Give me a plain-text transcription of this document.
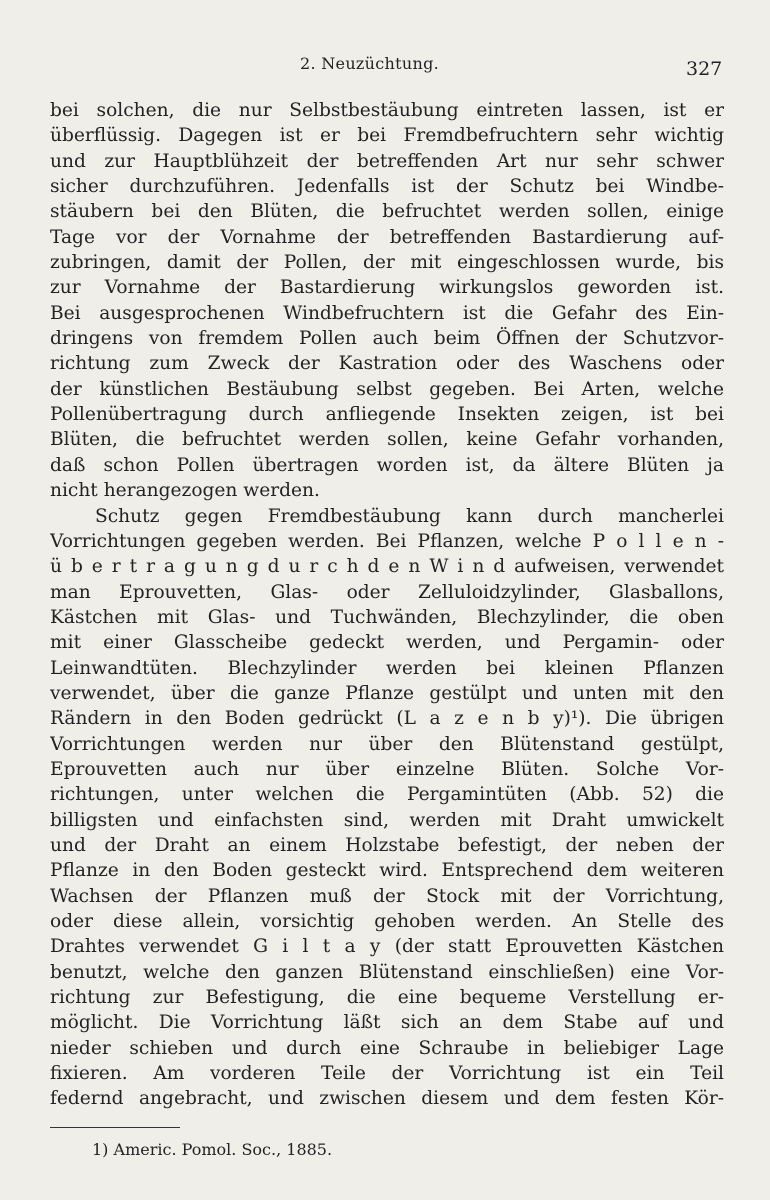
2. Neuzüchtung.	327
bei solchen, die nur Selbstbestäubung eintreten lassen, ist er
überflüssig. Dagegen ist er bei Fremdbefruchtern sehr wichtig
und zur Hauptblühzeit der betreffenden Art nur sehr schwer
sicher durchzuführen. Jedenfalls ist der Schutz bei Windbe-
stäubern bei den Blüten, die befruchtet werden sollen, einige
Tage vor der Vornahme der betreffenden Bastardierung auf-
zubringen, damit der Pollen, der mit eingeschlossen wurde, bis
zur Vornahme der Bastardierung wirkungslos geworden ist.
Bei ausgesprochenen Windbefruchtern ist die Gefahr des Ein-
dringens von fremdem Pollen auch beim Öffnen der Schutzvor-
richtung zum Zweck der Kastration oder des Waschens oder
der künstlichen Bestäubung selbst gegeben. Bei Arten, welche
Pollenübertragung durch anfliegende Insekten zeigen, ist bei
Blüten, die befruchtet werden sollen, keine Gefahr vorhanden,
daß schon Pollen übertragen worden ist, da ältere Blüten ja
nicht herangezogen werden.
Schutz gegen Fremdbestäubung kann durch mancherlei
Vorrichtungen gegeben werden. Bei Pflanzen, welche P o l l e n -
ü b e r t r a g u n g d u r c h d e n W i n d aufweisen, verwendet
man Eprouvetten, Glas- oder Zelluloidzylinder, Glasballons,
Kästchen mit Glas- und Tuchwänden, Blechzylinder, die oben
mit einer Glasscheibe gedeckt werden, und Pergamin- oder
Leinwandtüten. Blechzylinder werden bei kleinen Pflanzen
verwendet, über die ganze Pflanze gestülpt und unten mit den
Rändern in den Boden gedrückt (L a z e n b y)¹). Die übrigen
Vorrichtungen werden nur über den Blütenstand gestülpt,
Eprouvetten auch nur über einzelne Blüten. Solche Vor-
richtungen, unter welchen die Pergamintüten (Abb. 52) die
billigsten und einfachsten sind, werden mit Draht umwickelt
und der Draht an einem Holzstabe befestigt, der neben der
Pflanze in den Boden gesteckt wird. Entsprechend dem weiteren
Wachsen der Pflanzen muß der Stock mit der Vorrichtung,
oder diese allein, vorsichtig gehoben werden. An Stelle des
Drahtes verwendet G i l t a y (der statt Eprouvetten Kästchen
benutzt, welche den ganzen Blütenstand einschließen) eine Vor-
richtung zur Befestigung, die eine bequeme Verstellung er-
möglicht. Die Vorrichtung läßt sich an dem Stabe auf und
nieder schieben und durch eine Schraube in beliebiger Lage
fixieren. Am vorderen Teile der Vorrichtung ist ein Teil
federnd angebracht, und zwischen diesem und dem festen Kör-
1) Americ. Pomol. Soc., 1885.
